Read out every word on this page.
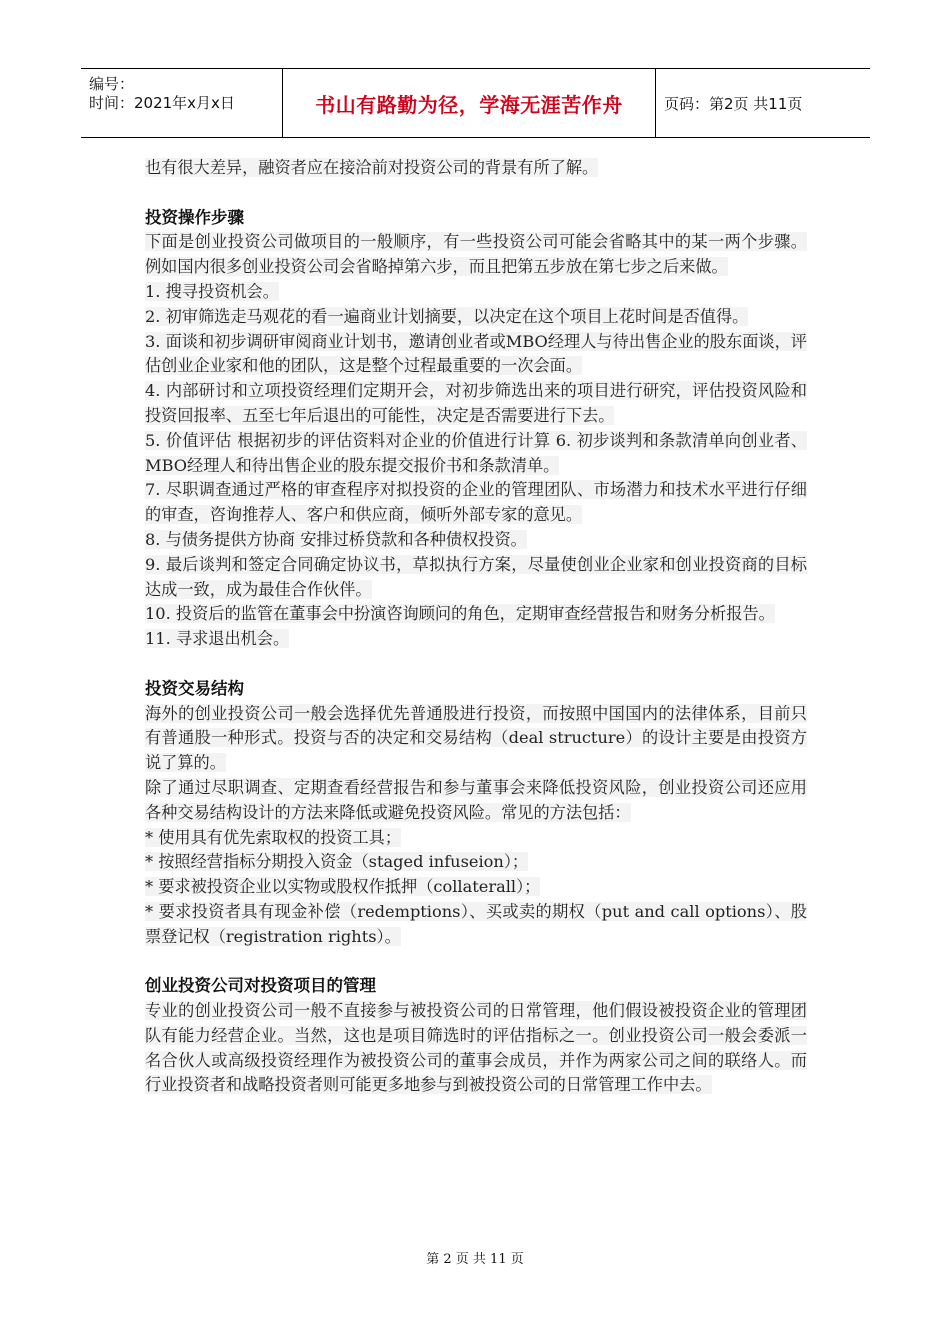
编号：
时间：2021年x月x日	书山有路勤为径，学海无涯苦作舟	页码：第2页 共11页

也有很大差异，融资者应在接洽前对投资公司的背景有所了解。

投资操作步骤

下面是创业投资公司做项目的一般顺序，有一些投资公司可能会省略其中的某一两个步骤。例如国内很多创业投资公司会省略掉第六步，而且把第五步放在第七步之后来做。

1. 搜寻投资机会。

2. 初审筛选走马观花的看一遍商业计划摘要，以决定在这个项目上花时间是否值得。

3. 面谈和初步调研审阅商业计划书，邀请创业者或MBO经理人与待出售企业的股东面谈，评估创业企业家和他的团队，这是整个过程最重要的一次会面。

4. 内部研讨和立项投资经理们定期开会，对初步筛选出来的项目进行研究，评估投资风险和投资回报率、五至七年后退出的可能性，决定是否需要进行下去。

5. 价值评估 根据初步的评估资料对企业的价值进行计算 6. 初步谈判和条款清单向创业者、MBO经理人和待出售企业的股东提交报价书和条款清单。

7. 尽职调查通过严格的审查程序对拟投资的企业的管理团队、市场潜力和技术水平进行仔细的审查，咨询推荐人、客户和供应商，倾听外部专家的意见。

8. 与债务提供方协商 安排过桥贷款和各种债权投资。

9. 最后谈判和签定合同确定协议书，草拟执行方案，尽量使创业企业家和创业投资商的目标达成一致，成为最佳合作伙伴。

10. 投资后的监管在董事会中扮演咨询顾问的角色，定期审查经营报告和财务分析报告。

11. 寻求退出机会。

投资交易结构

海外的创业投资公司一般会选择优先普通股进行投资，而按照中国国内的法律体系，目前只有普通股一种形式。投资与否的决定和交易结构（deal structure）的设计主要是由投资方说了算的。

除了通过尽职调查、定期查看经营报告和参与董事会来降低投资风险，创业投资公司还应用各种交易结构设计的方法来降低或避免投资风险。常见的方法包括：

* 使用具有优先索取权的投资工具；

* 按照经营指标分期投入资金（staged infuseion）；

* 要求被投资企业以实物或股权作抵押（collaterall）；

* 要求投资者具有现金补偿（redemptions）、买或卖的期权（put and call options）、股票登记权（registration rights）。

创业投资公司对投资项目的管理

专业的创业投资公司一般不直接参与被投资公司的日常管理，他们假设被投资企业的管理团队有能力经营企业。当然，这也是项目筛选时的评估指标之一。创业投资公司一般会委派一名合伙人或高级投资经理作为被投资公司的董事会成员，并作为两家公司之间的联络人。而行业投资者和战略投资者则可能更多地参与到被投资公司的日常管理工作中去。

第 2 页 共 11 页
